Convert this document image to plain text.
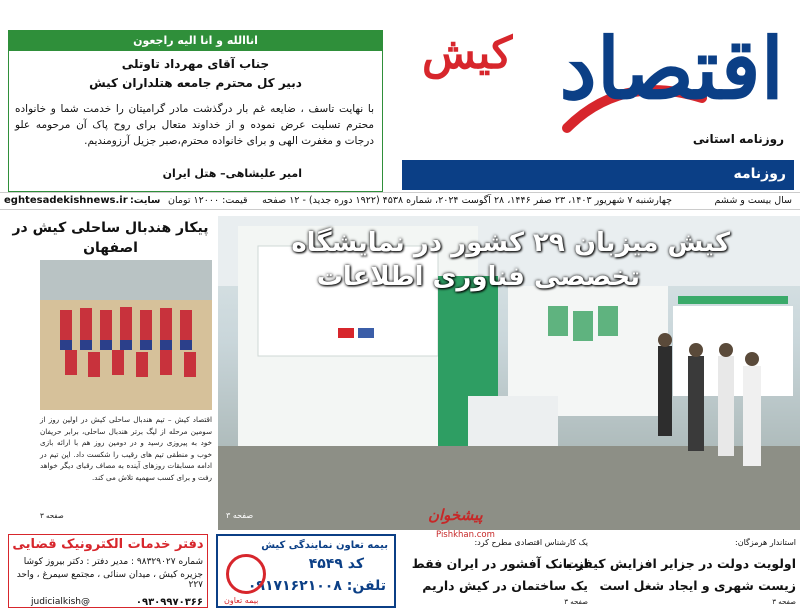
اقتصاد
کیش
روزنامه استانی
روزنامه
اناالله و انا الیه راجعون
جناب آقای مهرداد تاوتلی
دبیر کل محترم جامعه هتلداران کیش
با نهایت تاسف ، ضایعه غم بار درگذشت مادر گرامیتان را خدمت شما و خانواده محترم تسلیت عرض نموده و از خداوند متعال برای روح پاک آن مرحومه علو درجات و مغفرت الهی و برای خانواده محترم،صبر جزیل آرزومندیم.
امیر علیشاهی– هتل ایران
سال بیست و ششم
چهارشنبه ۷ شهریور ۱۴۰۳، ۲۳ صفر ۱۴۴۶، ۲۸ آگوست ۲۰۲۴، شماره ۴۵۳۸ (۱۹۲۲ دوره جدید) - ۱۲ صفحه
قیمت: ۱۲۰۰۰ تومان
سایت:
eghtesadekishnews.ir
صفحه ۳
کیش میزبان ۲۹ کشور در نمایشگاه
تخصصی فناوری اطلاعات
پیکار هندبال ساحلی کیش در اصفهان
اقتصاد کیش – تیم هندبال ساحلی کیش در اولین روز از سومین مرحله از لیگ برتر هندبال ساحلی، برابر حریفان خود به پیروزی رسید و در دومین روز هم با ارائه بازی خوب و منطقی تیم های رقیب را شکست داد. این تیم در ادامه مسابقات روزهای آینده به مصاف رقبای دیگر خواهد رفت و برای کسب سهمیه تلاش می کند.
صفحه ۳	پیشخوان
Pishkhan.com
دفتر خدمات الکترونیک قضایی
شماره ۹۸۳۲۹۰۲۷ : مدیر دفتر : دکتر بیروز کوشا
جزیره کیش ، میدان سنائی ، مجتمع سیمرغ ، واحد ۲۲۷
۰۹۳۰۹۹۷۰۳۶۶
judicialkish@
بیمه تعاون نمایندگی کیش
کد ۴۵۴۹
تلفن: ۰۹۱۷۱۶۲۱۰۰۸
بیمه تعاون
یک کارشناس اقتصادی مطرح کرد:
از بانک آفشور در ایران فقط
یک ساختمان در کیش داریم
صفحه ۳
استاندار هرمزگان:
اولویت دولت در جزایر افزایش کیفیت
زیست شهری و ایجاد شغل است
صفحه ۳
